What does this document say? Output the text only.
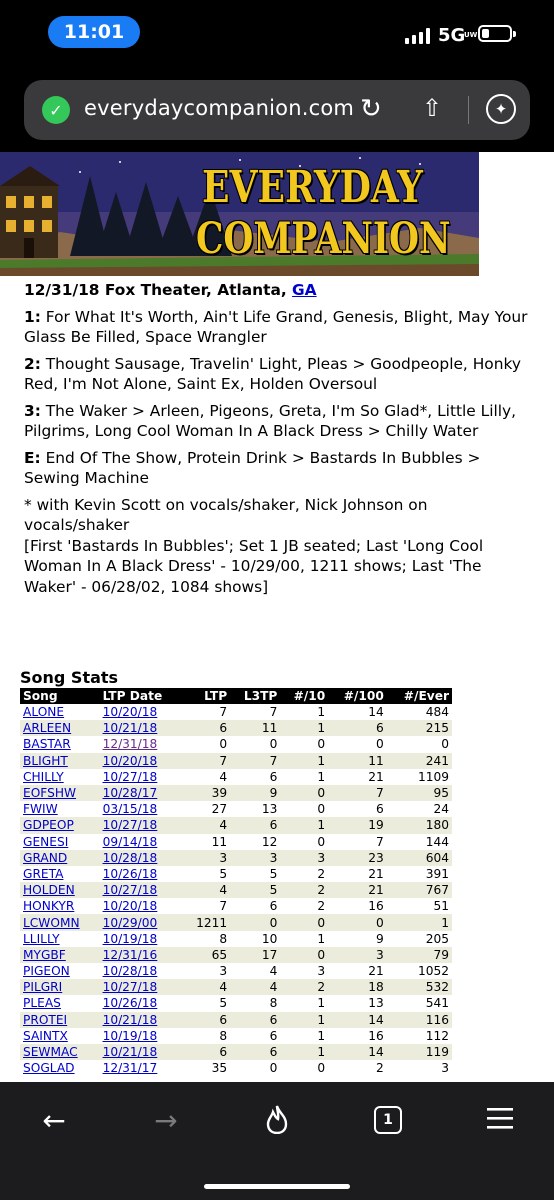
11:01	5G
UW
✓	everydaycompanion.com ↻ ⇧	✦
EVERYDAY
COMPANION
12/31/18 Fox Theater, Atlanta, GA
1: For What It's Worth, Ain't Life Grand, Genesis, Blight, May Your Glass Be Filled, Space Wrangler
2: Thought Sausage, Travelin' Light, Pleas > Goodpeople, Honky Red, I'm Not Alone, Saint Ex, Holden Oversoul
3: The Waker > Arleen, Pigeons, Greta, I'm So Glad*, Little Lilly, Pilgrims, Long Cool Woman In A Black Dress > Chilly Water
E: End Of The Show, Protein Drink > Bastards In Bubbles > Sewing Machine
* with Kevin Scott on vocals/shaker, Nick Johnson on vocals/shaker
[First 'Bastards In Bubbles'; Set 1 JB seated; Last 'Long Cool Woman In A Black Dress' - 10/29/00, 1211 shows; Last 'The Waker' - 06/28/02, 1084 shows]
Song Stats
Song	LTP Date	LTP	L3TP	#/10	#/100	#/Ever
ALONE	10/20/18	7	7	1	14	484
ARLEEN	10/21/18	6	11	1	6	215
BASTAR	12/31/18	0	0	0	0	0
BLIGHT	10/20/18	7	7	1	11	241
CHILLY	10/27/18	4	6	1	21	1109
EOFSHW	10/28/17	39	9	0	7	95
FWIW	03/15/18	27	13	0	6	24
GDPEOP	10/27/18	4	6	1	19	180
GENESI	09/14/18	11	12	0	7	144
GRAND	10/28/18	3	3	3	23	604
GRETA	10/26/18	5	5	2	21	391
HOLDEN	10/27/18	4	5	2	21	767
HONKYR	10/20/18	7	6	2	16	51
LCWOMN	10/29/00	1211	0	0	0	1
LLILLY	10/19/18	8	10	1	9	205
MYGBF	12/31/16	65	17	0	3	79
PIGEON	10/28/18	3	4	3	21	1052
PILGRI	10/27/18	4	4	2	18	532
PLEAS	10/26/18	5	8	1	13	541
PROTEI	10/21/18	6	6	1	14	116
SAINTX	10/19/18	8	6	1	16	112
SEWMAC	10/21/18	6	6	1	14	119
SOGLAD	12/31/17	35	0	0	2	3
←	→	1
